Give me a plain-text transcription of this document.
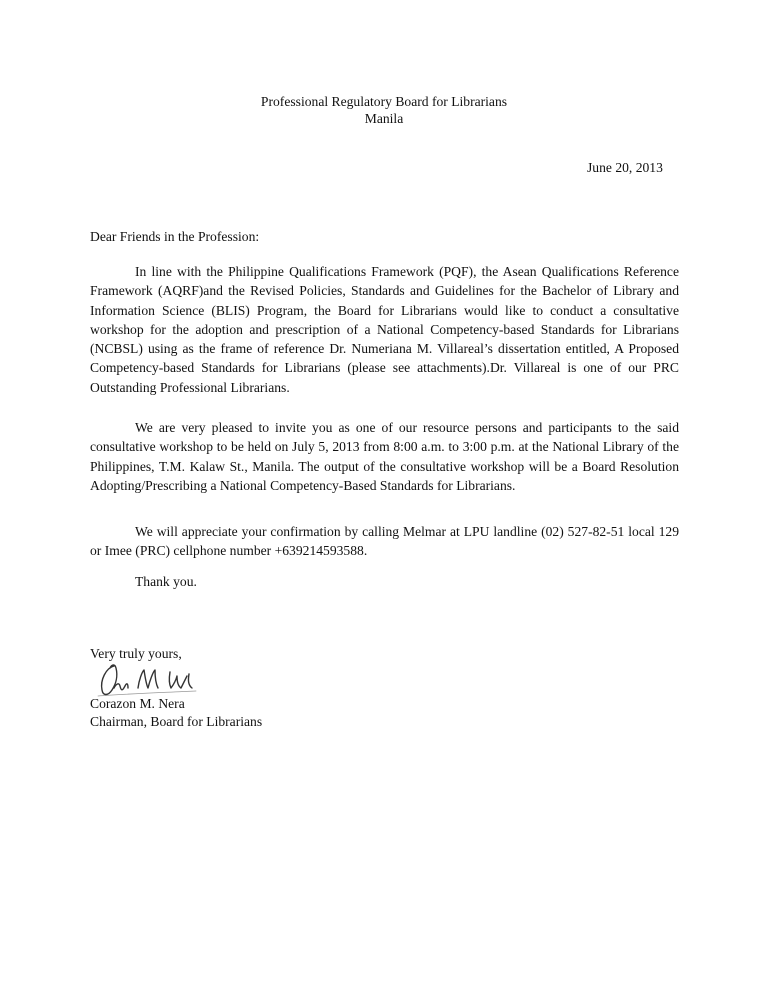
Professional Regulatory Board for Librarians
Manila
June 20, 2013
Dear Friends in the Profession:

In line with the Philippine Qualifications Framework (PQF), the Asean Qualifications Reference Framework (AQRF)and the Revised Policies, Standards and Guidelines for the Bachelor of Library and Information Science (BLIS) Program, the Board for Librarians would like to conduct a consultative workshop for the adoption and prescription of a National Competency-based Standards for Librarians (NCBSL) using as the frame of reference Dr. Numeriana M. Villareal’s dissertation entitled, A Proposed Competency-based Standards for Librarians (please see attachments).Dr. Villareal is one of our PRC Outstanding Professional Librarians.

We are very pleased to invite you as one of our resource persons and participants to the said consultative workshop to be held on July 5, 2013 from 8:00 a.m. to 3:00 p.m. at the National Library of the Philippines, T.M. Kalaw St., Manila. The output of the consultative workshop will be a Board Resolution Adopting/Prescribing a National Competency-Based Standards for Librarians.

We will appreciate your confirmation by calling Melmar at LPU landline (02) 527-82-51 local 129 or Imee (PRC) cellphone number +639214593588.

Thank you.
Very truly yours,
Corazon M. Nera
Chairman, Board for Librarians
